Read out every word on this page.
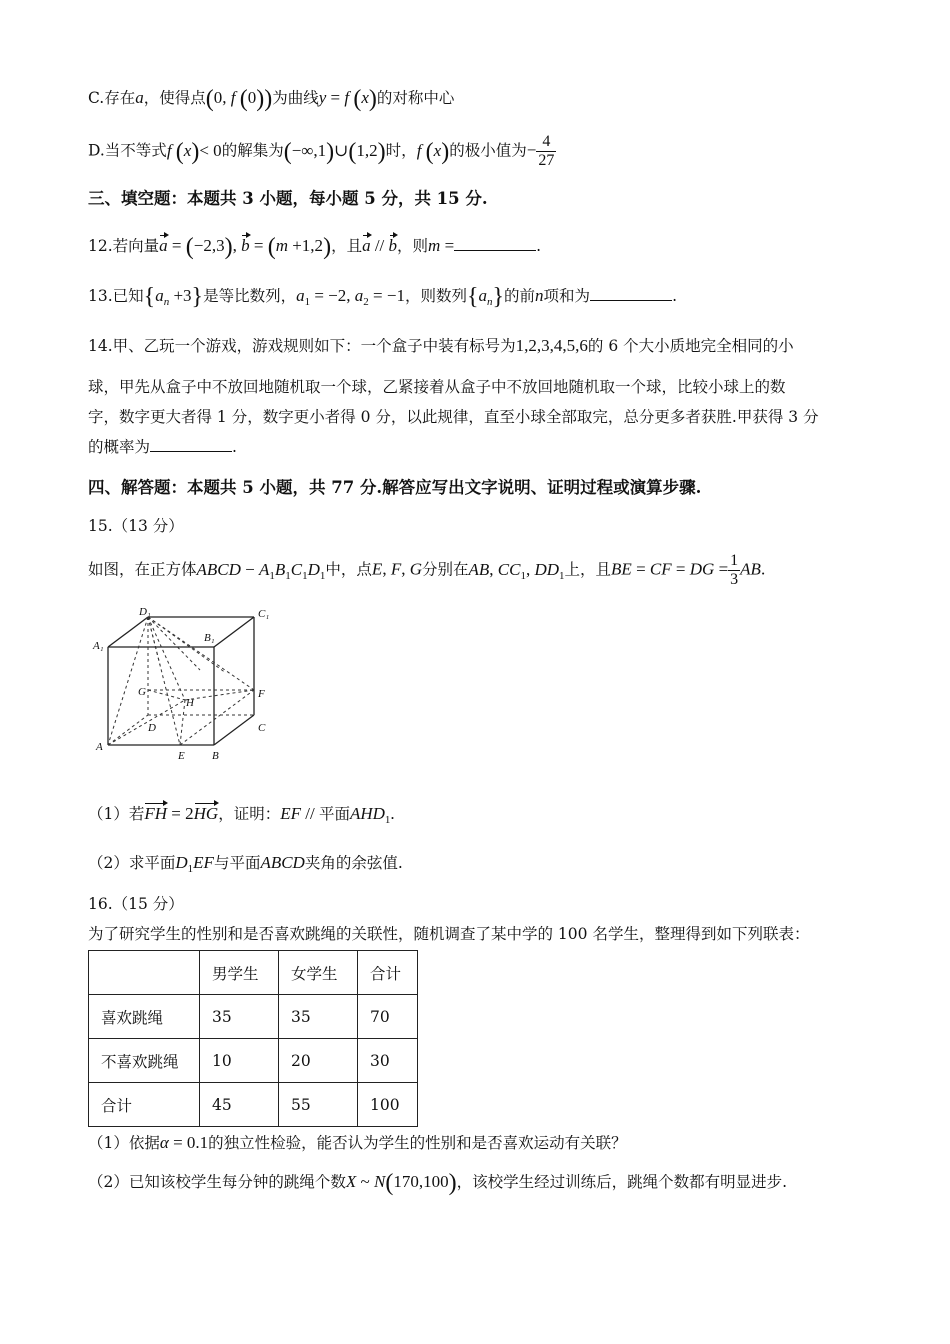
C.存在a，使得点(0, f (0))为曲线y = f (x)的对称中心
D.当不等式f (x)< 0的解集为(−∞,1)∪(1,2)时，f (x)的极小值为− $\frac{4}{27}$
三、填空题：本题共 3 小题，每小题 5 分，共 15 分.
12.若向量a = (−2,3), b = (m +1,2)，且a // b，则m =	.
13.已知$\{a_n +3\}$是等比数列，$a_1 = -2$, $a_2 = -1$，则数列$\{a_n\}$的前n项和为	.
14.甲、乙玩一个游戏，游戏规则如下：一个盒子中装有标号为1,2,3,4,5,6的 6 个大小质地完全相同的小
球，甲先从盒子中不放回地随机取一个球，乙紧接着从盒子中不放回地随机取一个球，比较小球上的数
字，数字更大者得 1 分，数字更小者得 0 分，以此规律，直至小球全部取完，总分更多者获胜.甲获得 3 分
的概率为	.
四、解答题：本题共 5 小题，共 77 分.解答应写出文字说明、证明过程或演算步骤.
15.（13 分）
如图，在正方体ABCD − $A_1B_1C_1D_1$中，点E, F, G分别在AB, $CC_1$, $DD_1$上，且BE = CF = DG = $\frac{1}{3}$ AB.
D₁	C₁
B₁
A₁
G	F
H
D	C
A
E B
（1）若FH = 2HG，证明：EF // 平面$AHD_1$.
（2）求平面$D_1EF$与平面ABCD夹角的余弦值.
16.（15 分）
为了研究学生的性别和是否喜欢跳绳的关联性，随机调查了某中学的 100 名学生，整理得到如下列联表：
	男学生	女学生	合计
喜欢跳绳	35	35	70
不喜欢跳绳	10	20	30
合计	45	55	100
（1）依据α = 0.1的独立性检验，能否认为学生的性别和是否喜欢运动有关联？
（2）已知该校学生每分钟的跳绳个数X ~ N(170,100)，该校学生经过训练后，跳绳个数都有明显进步.
